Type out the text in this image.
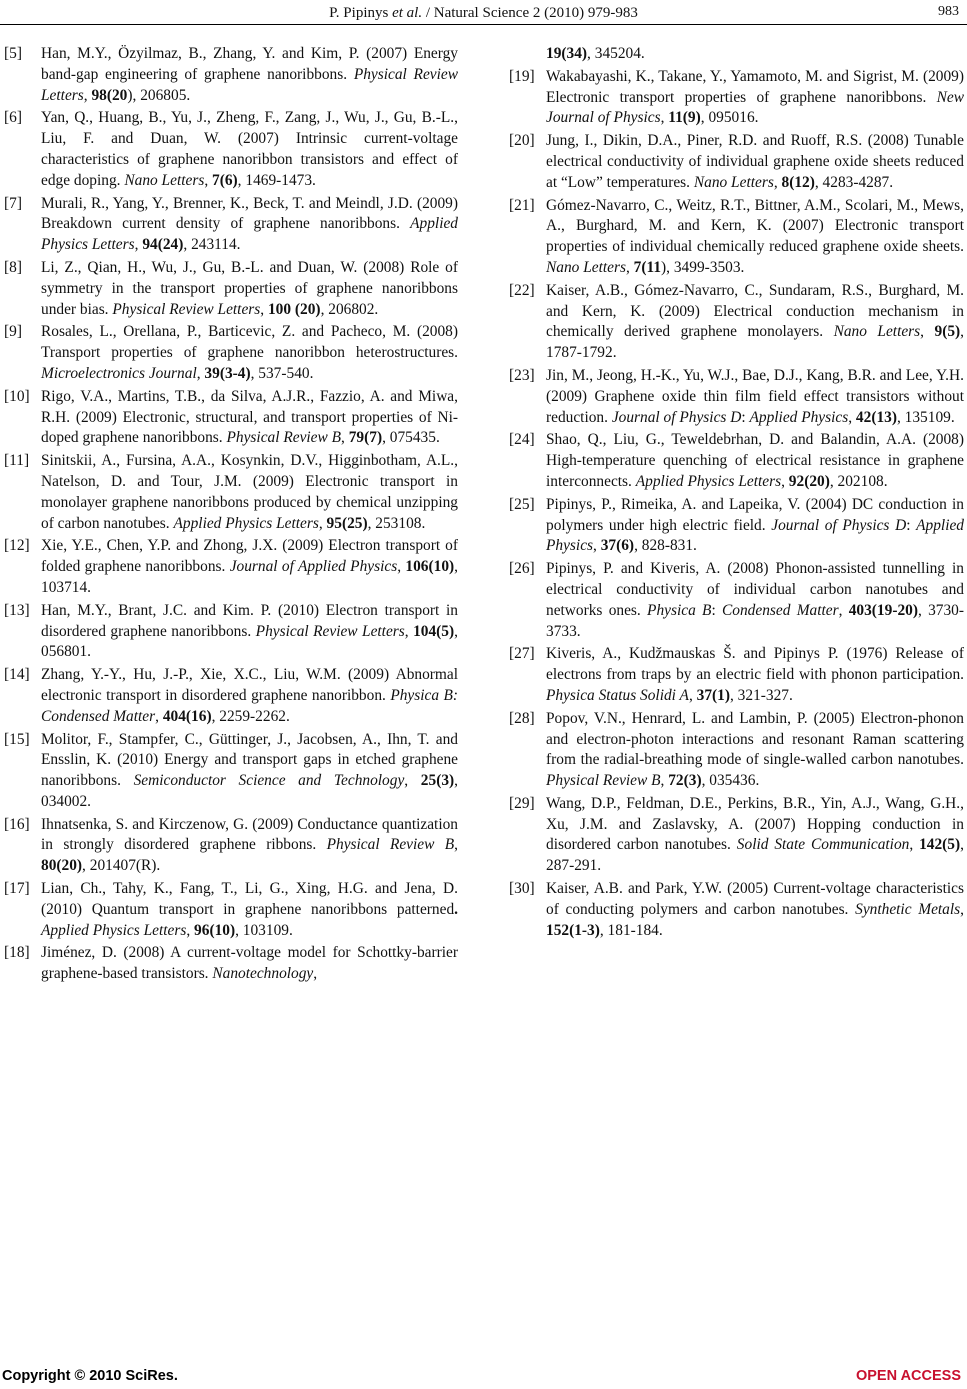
P. Pipinys et al. / Natural Science 2 (2010) 979-983	983
[5] Han, M.Y., Özyilmaz, B., Zhang, Y. and Kim, P. (2007) Energy band-gap engineering of graphene nanoribbons. Physical Review Letters, 98(20), 206805.
[6] Yan, Q., Huang, B., Yu, J., Zheng, F., Zang, J., Wu, J., Gu, B.-L., Liu, F. and Duan, W. (2007) Intrinsic current-voltage characteristics of graphene nanoribbon transistors and effect of edge doping. Nano Letters, 7(6), 1469-1473.
[7] Murali, R., Yang, Y., Brenner, K., Beck, T. and Meindl, J.D. (2009) Breakdown current density of graphene nanoribbons. Applied Physics Letters, 94(24), 243114.
[8] Li, Z., Qian, H., Wu, J., Gu, B.-L. and Duan, W. (2008) Role of symmetry in the transport properties of graphene nanoribbons under bias. Physical Review Letters, 100 (20), 206802.
[9] Rosales, L., Orellana, P., Barticevic, Z. and Pacheco, M. (2008) Transport properties of graphene nanoribbon heterostructures. Microelectronics Journal, 39(3-4), 537-540.
[10] Rigo, V.A., Martins, T.B., da Silva, A.J.R., Fazzio, A. and Miwa, R.H. (2009) Electronic, structural, and transport properties of Ni-doped graphene nanoribbons. Physical Review B, 79(7), 075435.
[11] Sinitskii, A., Fursina, A.A., Kosynkin, D.V., Higginbotham, A.L., Natelson, D. and Tour, J.M. (2009) Electronic transport in monolayer graphene nanoribbons produced by chemical unzipping of carbon nanotubes. Applied Physics Letters, 95(25), 253108.
[12] Xie, Y.E., Chen, Y.P. and Zhong, J.X. (2009) Electron transport of folded graphene nanoribbons. Journal of Applied Physics, 106(10), 103714.
[13] Han, M.Y., Brant, J.C. and Kim. P. (2010) Electron transport in disordered graphene nanoribbons. Physical Review Letters, 104(5), 056801.
[14] Zhang, Y.-Y., Hu, J.-P., Xie, X.C., Liu, W.M. (2009) Abnormal electronic transport in disordered graphene nanoribbon. Physica B: Condensed Matter, 404(16), 2259-2262.
[15] Molitor, F., Stampfer, C., Güttinger, J., Jacobsen, A., Ihn, T. and Ensslin, K. (2010) Energy and transport gaps in etched graphene nanoribbons. Semiconductor Science and Technology, 25(3), 034002.
[16] Ihnatsenka, S. and Kirczenow, G. (2009) Conductance quantization in strongly disordered graphene ribbons. Physical Review B, 80(20), 201407(R).
[17] Lian, Ch., Tahy, K., Fang, T., Li, G., Xing, H.G. and Jena, D. (2010) Quantum transport in graphene nanoribbons patterned. Applied Physics Letters, 96(10), 103109.
[18] Jiménez, D. (2008) A current-voltage model for Schottky-barrier graphene-based transistors. Nanotechnology,
19(34), 345204.
[19] Wakabayashi, K., Takane, Y., Yamamoto, M. and Sigrist, M. (2009) Electronic transport properties of graphene nanoribbons. New Journal of Physics, 11(9), 095016.
[20] Jung, I., Dikin, D.A., Piner, R.D. and Ruoff, R.S. (2008) Tunable electrical conductivity of individual graphene oxide sheets reduced at “Low” temperatures. Nano Letters, 8(12), 4283-4287.
[21] Gómez-Navarro, C., Weitz, R.T., Bittner, A.M., Scolari, M., Mews, A., Burghard, M. and Kern, K. (2007) Electronic transport properties of individual chemically reduced graphene oxide sheets. Nano Letters, 7(11), 3499-3503.
[22] Kaiser, A.B., Gómez-Navarro, C., Sundaram, R.S., Burghard, M. and Kern, K. (2009) Electrical conduction mechanism in chemically derived graphene monolayers. Nano Letters, 9(5), 1787-1792.
[23] Jin, M., Jeong, H.-K., Yu, W.J., Bae, D.J., Kang, B.R. and Lee, Y.H. (2009) Graphene oxide thin film field effect transistors without reduction. Journal of Physics D: Applied Physics, 42(13), 135109.
[24] Shao, Q., Liu, G., Teweldebrhan, D. and Balandin, A.A. (2008) High-temperature quenching of electrical resistance in graphene interconnects. Applied Physics Letters, 92(20), 202108.
[25] Pipinys, P., Rimeika, A. and Lapeika, V. (2004) DC conduction in polymers under high electric field. Journal of Physics D: Applied Physics, 37(6), 828-831.
[26] Pipinys, P. and Kiveris, A. (2008) Phonon-assisted tunnelling in electrical conductivity of individual carbon nanotubes and networks ones. Physica B: Condensed Matter, 403(19-20), 3730-3733.
[27] Kiveris, A., Kudžmauskas Š. and Pipinys P. (1976) Release of electrons from traps by an electric field with phonon participation. Physica Status Solidi A, 37(1), 321-327.
[28] Popov, V.N., Henrard, L. and Lambin, P. (2005) Electron-phonon and electron-photon interactions and resonant Raman scattering from the radial-breathing mode of single-walled carbon nanotubes. Physical Review B, 72(3), 035436.
[29] Wang, D.P., Feldman, D.E., Perkins, B.R., Yin, A.J., Wang, G.H., Xu, J.M. and Zaslavsky, A. (2007) Hopping conduction in disordered carbon nanotubes. Solid State Communication, 142(5), 287-291.
[30] Kaiser, A.B. and Park, Y.W. (2005) Current-voltage characteristics of conducting polymers and carbon nanotubes. Synthetic Metals, 152(1-3), 181-184.
Copyright © 2010 SciRes.	OPEN ACCESS
